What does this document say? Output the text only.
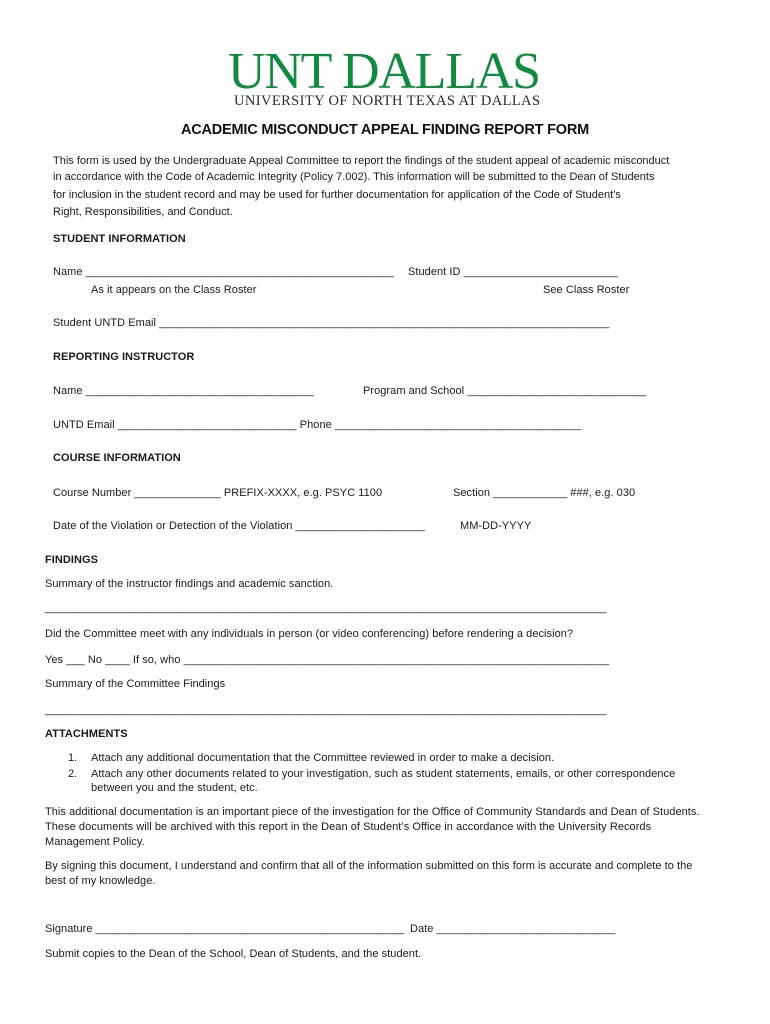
UNT DALLAS
UNIVERSITY OF NORTH TEXAS AT DALLAS
ACADEMIC MISCONDUCT APPEAL FINDING REPORT FORM
This form is used by the Undergraduate Appeal Committee to report the findings of the student appeal of academic misconduct
in accordance with the Code of Academic Integrity (Policy 7.002). This information will be submitted to the Dean of Students
for inclusion in the student record and may be used for further documentation for application of the Code of Student’s
Right, Responsibilities, and Conduct.
STUDENT INFORMATION
Name __________________________________________________ Student ID _________________________
As it appears on the Class Roster	See Class Roster
Student UNTD Email _________________________________________________________________________
REPORTING INSTRUCTOR
Name _____________________________________	Program and School _____________________________
UNTD Email _____________________________ Phone ________________________________________
COURSE INFORMATION
Course Number ______________ PREFIX-XXXX, e.g. PSYC 1100	Section ____________ ###, e.g. 030
Date of the Violation or Detection of the Violation _____________________	MM-DD-YYYY
FINDINGS
Summary of the instructor findings and academic sanction.
___________________________________________________________________________________________
Did the Committee meet with any individuals in person (or video conferencing) before rendering a decision?
Yes ___ No ____ If so, who _____________________________________________________________________
Summary of the Committee Findings
___________________________________________________________________________________________
ATTACHMENTS
1. Attach any additional documentation that the Committee reviewed in order to make a decision.
2. Attach any other documents related to your investigation, such as student statements, emails, or other correspondence
between you and the student, etc.
This additional documentation is an important piece of the investigation for the Office of Community Standards and Dean of Students.
These documents will be archived with this report in the Dean of Student’s Office in accordance with the University Records
Management Policy.
By signing this document, I understand and confirm that all of the information submitted on this form is accurate and complete to the
best of my knowledge.
Signature __________________________________________________ Date _____________________________
Submit copies to the Dean of the School, Dean of Students, and the student.
